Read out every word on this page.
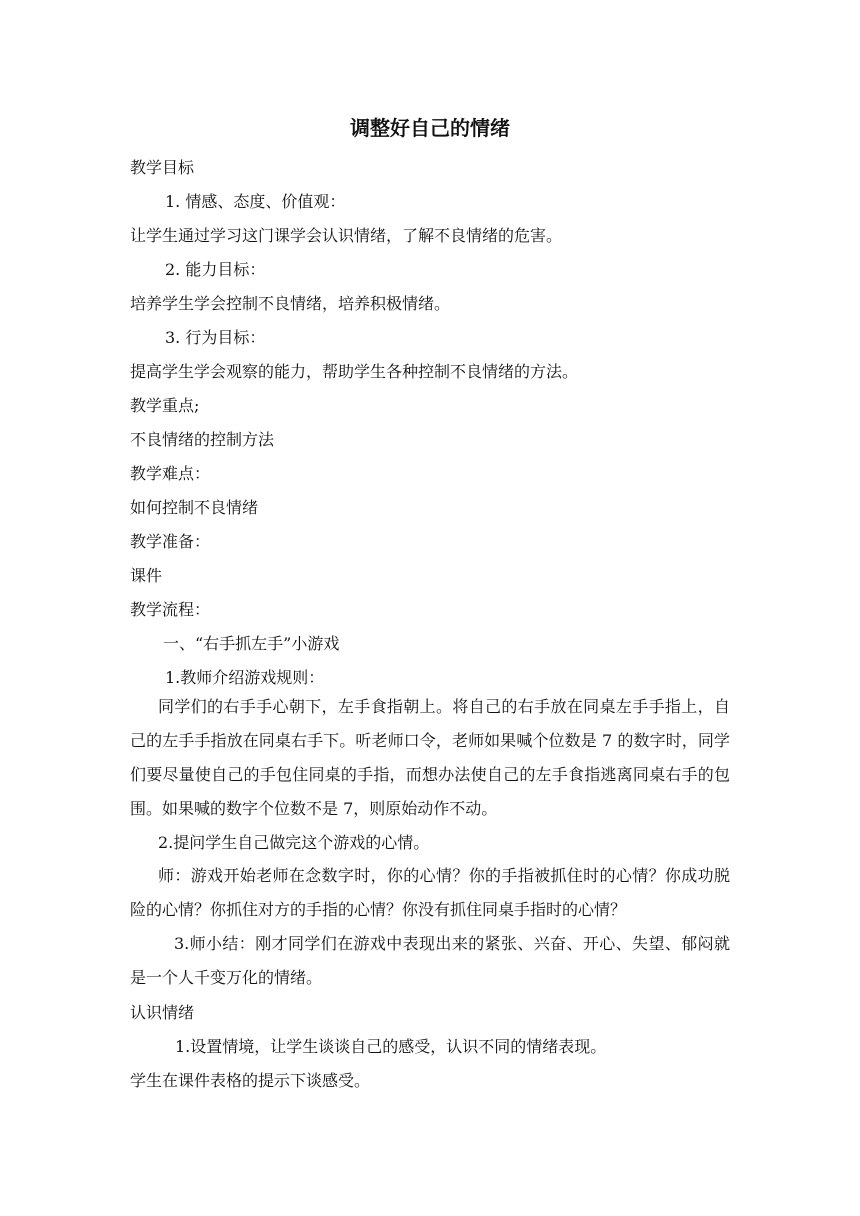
调整好自己的情绪
教学目标
1. 情感、态度、价值观：
让学生通过学习这门课学会认识情绪，了解不良情绪的危害。
2. 能力目标：
培养学生学会控制不良情绪，培养积极情绪。
3. 行为目标：
提高学生学会观察的能力，帮助学生各种控制不良情绪的方法。
教学重点;
不良情绪的控制方法
教学难点：
如何控制不良情绪
教学准备：
课件
教学流程：
一、“右手抓左手”小游戏
1.教师介绍游戏规则：
同学们的右手手心朝下，左手食指朝上。将自己的右手放在同桌左手手指上，自己的左手手指放在同桌右手下。听老师口令，老师如果喊个位数是 7 的数字时，同学们要尽量使自己的手包住同桌的手指，而想办法使自己的左手食指逃离同桌右手的包围。如果喊的数字个位数不是 7，则原始动作不动。
2.提问学生自己做完这个游戏的心情。
师：游戏开始老师在念数字时，你的心情？你的手指被抓住时的心情？你成功脱险的心情？你抓住对方的手指的心情？你没有抓住同桌手指时的心情？
3.师小结：刚才同学们在游戏中表现出来的紧张、兴奋、开心、失望、郁闷就是一个人千变万化的情绪。
认识情绪
1.设置情境，让学生谈谈自己的感受，认识不同的情绪表现。
学生在课件表格的提示下谈感受。
